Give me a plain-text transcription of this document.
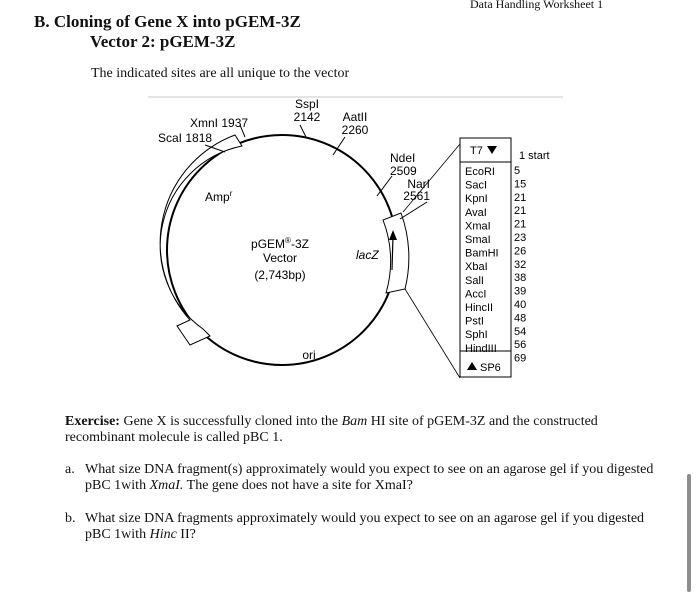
Data Handling Worksheet 1
B. Cloning of Gene X into pGEM-3Z
Vector 2: pGEM-3Z
The indicated sites are all unique to the vector
SspI
2142 AatII
2260
XmnI 1937
ScaI 1818
NdeI
2509
NarI
2561
Amp$^r$
pGEM®-3Z
Vector
(2,743bp)
ori
lacZ
T7
SP6
EcoRI
SacI
KpnI
AvaI
XmaI
SmaI
BamHI
XbaI
SalI
AccI
HincII
PstI
SphI
HindIII
5
15
21
21
21
23
26
32
38
39
40
48
54
56
69
1 start
Exercise: Gene X is successfully cloned into the Bam HI site of pGEM-3Z and the constructed recombinant molecule is called pBC 1.
a. What size DNA fragment(s) approximately would you expect to see on an agarose gel if you digested pBC 1with XmaI. The gene does not have a site for XmaI?
b. What size DNA fragments approximately would you expect to see on an agarose gel if you digested pBC 1with Hinc II?
